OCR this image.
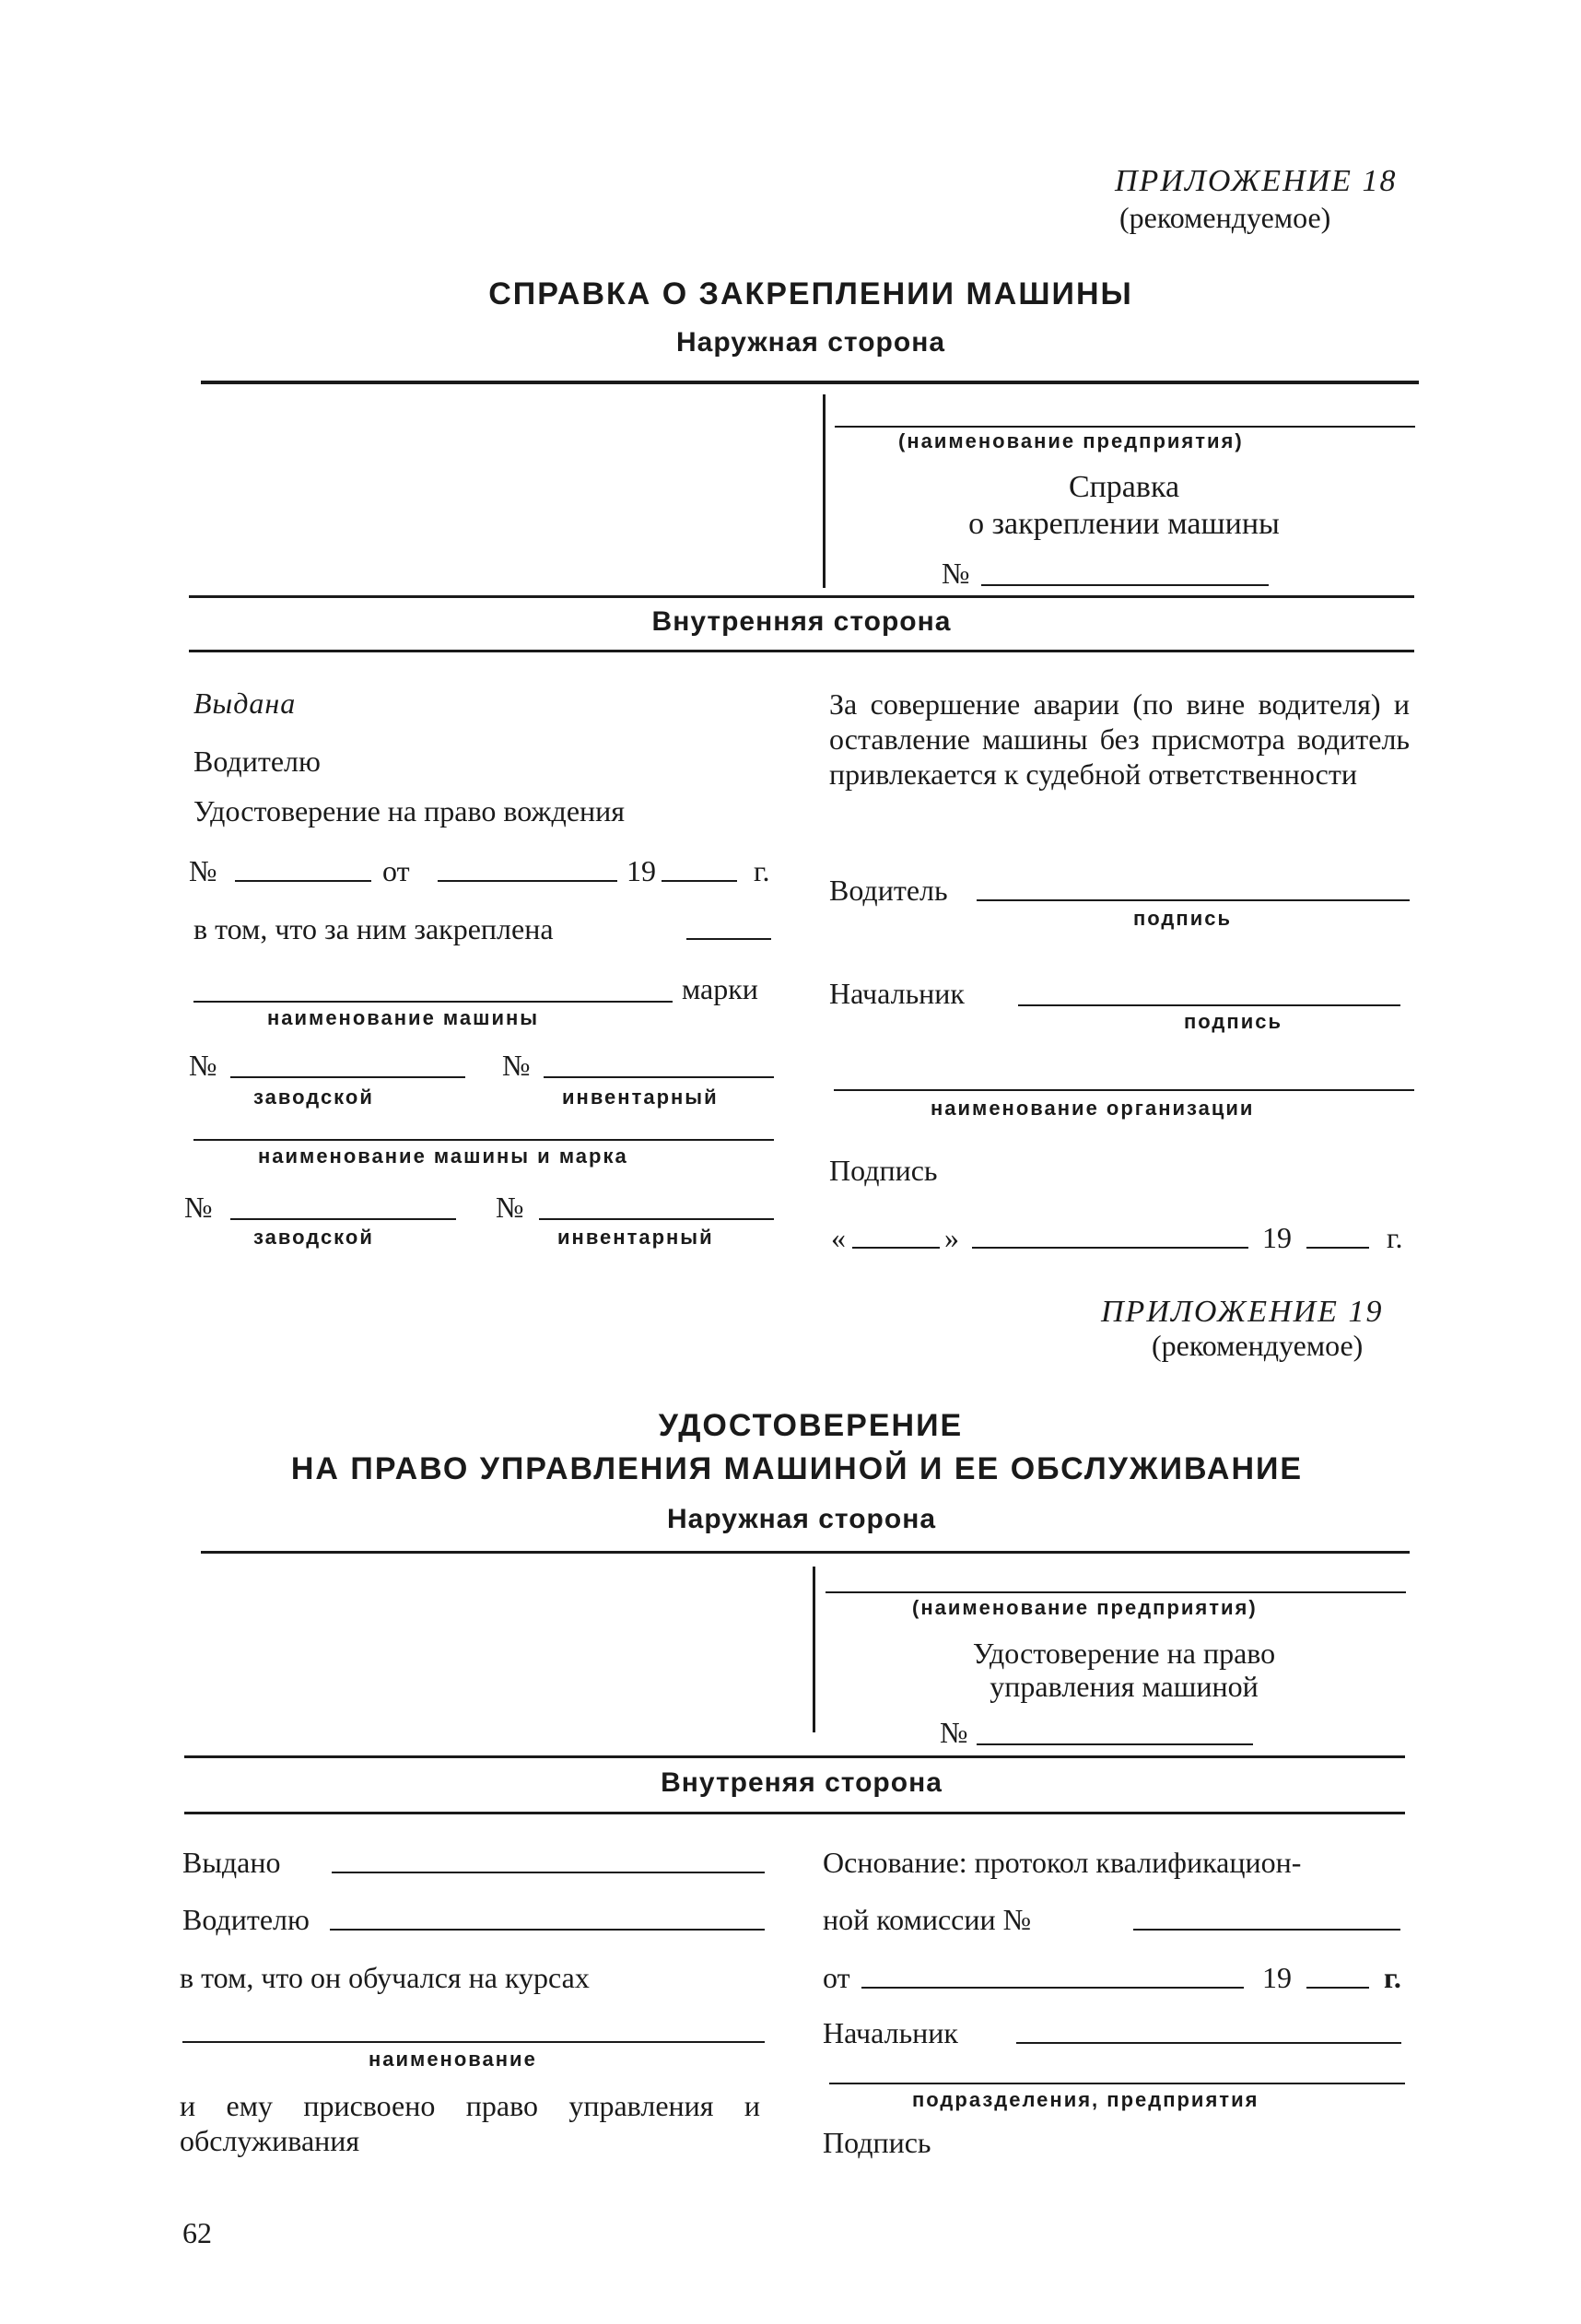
ПРИЛОЖЕНИЕ 18
(рекомендуемое)
СПРАВКА О ЗАКРЕПЛЕНИИ МАШИНЫ
Наружная сторона
(наименование предприятия)
Справка
о закреплении машины
№
Внутренняя сторона
Выдана
Водителю
Удостоверение на право вождения
№	от	19	г.
в том, что за ним закреплена
марки
наименование машины
№	№
заводской	инвентарный
наименование машины и марка
№	№
заводской	инвентарный
За совершение аварии (по вине водителя) и оставление машины без присмотра водитель привлекается к судебной ответственности
Водитель
подпись
Начальник
подпись
наименование организации
Подпись
«	»	19	г.
ПРИЛОЖЕНИЕ 19
(рекомендуемое)
УДОСТОВЕРЕНИЕ
НА ПРАВО УПРАВЛЕНИЯ МАШИНОЙ И ЕЕ ОБСЛУЖИВАНИЕ
Наружная сторона
(наименование предприятия)
Удостоверение на право
управления машиной
№
Внутреняя сторона
Выдано
Водителю
в том, что он обучался на курсах
наименование
и ему присвоено право управления и обслуживания
Основание: протокол квалификацион-
ной комиссии №
от	19	г.
Начальник
подразделения, предприятия
Подпись
62
